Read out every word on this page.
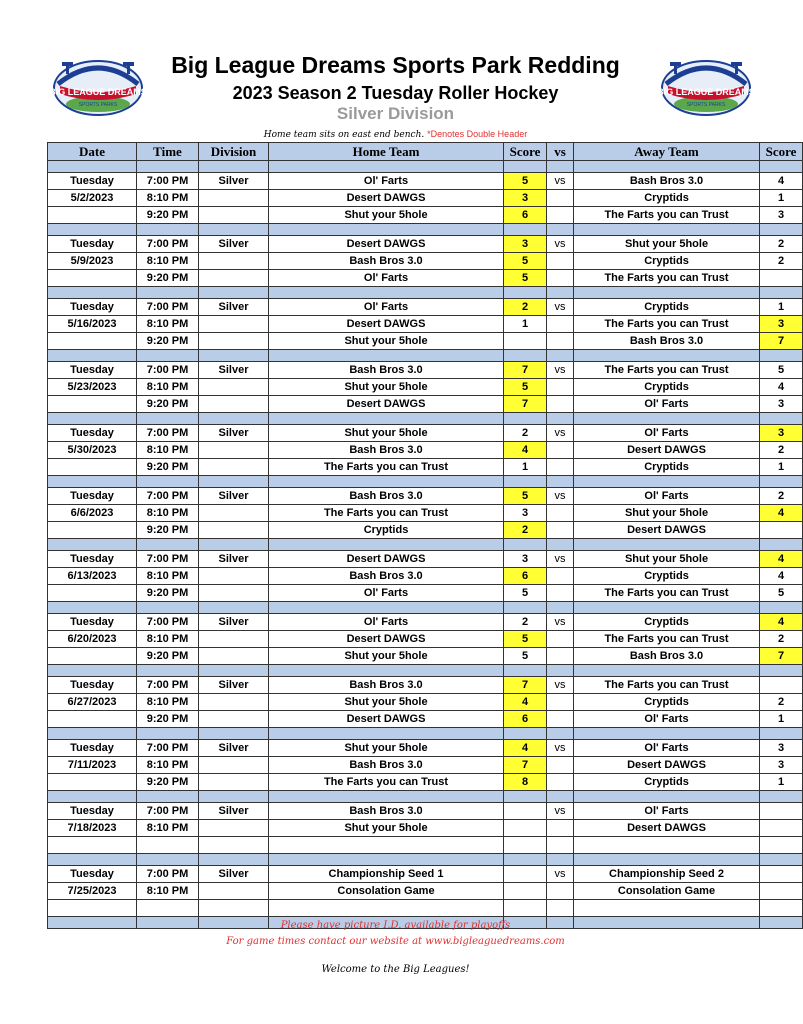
BIG LEAGUE DREAMS
SPORTS PARKS
BIG LEAGUE DREAMS
SPORTS PARKS
Big League Dreams Sports Park Redding
2023 Season 2 Tuesday Roller Hockey
Silver Division
Home team sits on east end bench. *Denotes Double Header
Date	Time	Division	Home Team	Score	vs	Away Team	Score

Tuesday	7:00 PM	Silver	Ol' Farts	5	vs	Bash Bros 3.0	4
5/2/2023	8:10 PM		Desert DAWGS	3		Cryptids	1
	9:20 PM		Shut your 5hole	6		The Farts you can Trust	3

Tuesday	7:00 PM	Silver	Desert DAWGS	3	vs	Shut your 5hole	2
5/9/2023	8:10 PM		Bash Bros 3.0	5		Cryptids	2
	9:20 PM		Ol' Farts	5		The Farts you can Trust	

Tuesday	7:00 PM	Silver	Ol' Farts	2	vs	Cryptids	1
5/16/2023	8:10 PM		Desert DAWGS	1		The Farts you can Trust	3
	9:20 PM		Shut your 5hole			Bash Bros 3.0	7

Tuesday	7:00 PM	Silver	Bash Bros 3.0	7	vs	The Farts you can Trust	5
5/23/2023	8:10 PM		Shut your 5hole	5		Cryptids	4
	9:20 PM		Desert DAWGS	7		Ol' Farts	3

Tuesday	7:00 PM	Silver	Shut your 5hole	2	vs	Ol' Farts	3
5/30/2023	8:10 PM		Bash Bros 3.0	4		Desert DAWGS	2
	9:20 PM		The Farts you can Trust	1		Cryptids	1

Tuesday	7:00 PM	Silver	Bash Bros 3.0	5	vs	Ol' Farts	2
6/6/2023	8:10 PM		The Farts you can Trust	3		Shut your 5hole	4
	9:20 PM		Cryptids	2		Desert DAWGS	

Tuesday	7:00 PM	Silver	Desert DAWGS	3	vs	Shut your 5hole	4
6/13/2023	8:10 PM		Bash Bros 3.0	6		Cryptids	4
	9:20 PM		Ol' Farts	5		The Farts you can Trust	5

Tuesday	7:00 PM	Silver	Ol' Farts	2	vs	Cryptids	4
6/20/2023	8:10 PM		Desert DAWGS	5		The Farts you can Trust	2
	9:20 PM		Shut your 5hole	5		Bash Bros 3.0	7

Tuesday	7:00 PM	Silver	Bash Bros 3.0	7	vs	The Farts you can Trust	
6/27/2023	8:10 PM		Shut your 5hole	4		Cryptids	2
	9:20 PM		Desert DAWGS	6		Ol' Farts	1

Tuesday	7:00 PM	Silver	Shut your 5hole	4	vs	Ol' Farts	3
7/11/2023	8:10 PM		Bash Bros 3.0	7		Desert DAWGS	3
	9:20 PM		The Farts you can Trust	8		Cryptids	1

Tuesday	7:00 PM	Silver	Bash Bros 3.0		vs	Ol' Farts	
7/18/2023	8:10 PM		Shut your 5hole			Desert DAWGS	

Tuesday	7:00 PM	Silver	Championship Seed 1		vs	Championship Seed 2	
7/25/2023	8:10 PM		Consolation Game			Consolation Game	

Please have picture I.D. available for playoffs
For game times contact our website at www.bigleaguedreams.com
Welcome to the Big Leagues!
